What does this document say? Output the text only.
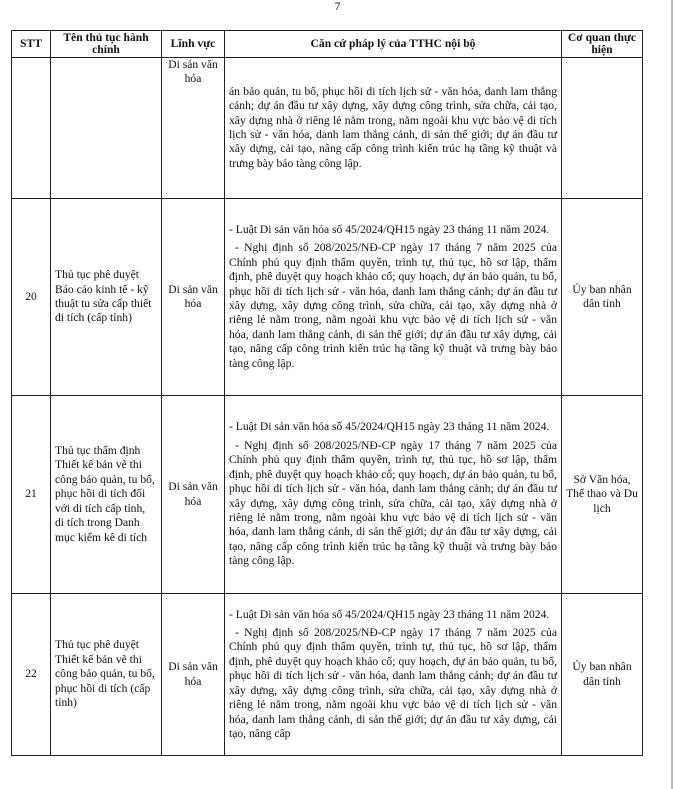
7
STT	Tên thủ tục hành chính	Lĩnh vực	Căn cứ pháp lý của TTHC nội bộ	Cơ quan thực hiện
		Di sản văn hóa	án bảo quản, tu bổ, phục hồi di tích lịch sử - văn hóa, danh lam thắng cảnh; dự án đầu tư xây dựng, xây dựng công trình, sửa chữa, cải tạo, xây dựng nhà ở riêng lẻ nằm trong, nằm ngoài khu vực bảo vệ di tích lịch sử - văn hóa, danh lam thắng cảnh, di sản thế giới; dự án đầu tư xây dựng, cải tạo, nâng cấp công trình kiến trúc hạ tầng kỹ thuật và trưng bày bảo tàng công lập.	

20	Thủ tục phê duyệt Báo cáo kinh tế - kỹ thuật tu sửa cấp thiết di tích (cấp tỉnh)	Di sản văn hóa	- Luật Di sản văn hóa số 45/2024/QH15 ngày 23 tháng 11 năm 2024.
- Nghị định số 208/2025/NĐ-CP ngày 17 tháng 7 năm 2025 của Chính phủ quy định thẩm quyền, trình tự, thủ tục, hồ sơ lập, thẩm định, phê duyệt quy hoạch khảo cổ; quy hoạch, dự án bảo quản, tu bổ, phục hồi di tích lịch sử - văn hóa, danh lam thắng cảnh; dự án đầu tư xây dựng, xây dựng công trình, sửa chữa, cải tạo, xây dựng nhà ở riêng lẻ nằm trong, nằm ngoài khu vực bảo vệ di tích lịch sử - văn hóa, danh lam thắng cảnh, di sản thế giới; dự án đầu tư xây dựng, cải tạo, nâng cấp công trình kiến trúc hạ tầng kỹ thuật và trưng bày bảo tàng công lập.	Ủy ban nhân dân tỉnh
21	Thủ tục thẩm định Thiết kế bản vẽ thi công bảo quản, tu bổ, phục hồi di tích đối với di tích cấp tỉnh, di tích trong Danh mục kiểm kê di tích	Di sản văn hóa	- Luật Di sản văn hóa số 45/2024/QH15 ngày 23 tháng 11 năm 2024.
- Nghị định số 208/2025/NĐ-CP ngày 17 tháng 7 năm 2025 của Chính phủ quy định thẩm quyền, trình tự, thủ tục, hồ sơ lập, thẩm định, phê duyệt quy hoạch khảo cổ; quy hoạch, dự án bảo quản, tu bổ, phục hồi di tích lịch sử - văn hóa, danh lam thắng cảnh; dự án đầu tư xây dựng, xây dựng công trình, sửa chữa, cải tạo, xây dựng nhà ở riêng lẻ nằm trong, nằm ngoài khu vực bảo vệ di tích lịch sử - văn hóa, danh lam thắng cảnh, di sản thế giới; dự án đầu tư xây dựng, cải tạo, nâng cấp công trình kiến trúc hạ tầng kỹ thuật và trưng bày bảo tàng công lập.	Sở Văn hóa, Thể thao và Du lịch
22	Thủ tục phê duyệt Thiết kế bản vẽ thi công bảo quản, tu bổ, phục hồi di tích (cấp tỉnh)	Di sản văn hóa	- Luật Di sản văn hóa số 45/2024/QH15 ngày 23 tháng 11 năm 2024.
- Nghị định số 208/2025/NĐ-CP ngày 17 tháng 7 năm 2025 của Chính phủ quy định thẩm quyền, trình tự, thủ tục, hồ sơ lập, thẩm định, phê duyệt quy hoạch khảo cổ; quy hoạch, dự án bảo quản, tu bổ, phục hồi di tích lịch sử - văn hóa, danh lam thắng cảnh; dự án đầu tư xây dựng, xây dựng công trình, sửa chữa, cải tạo, xây dựng nhà ở riêng lẻ nằm trong, nằm ngoài khu vực bảo vệ di tích lịch sử - văn hóa, danh lam thắng cảnh, di sản thế giới; dự án đầu tư xây dựng, cải tạo, nâng cấp	Ủy ban nhân dân tỉnh
